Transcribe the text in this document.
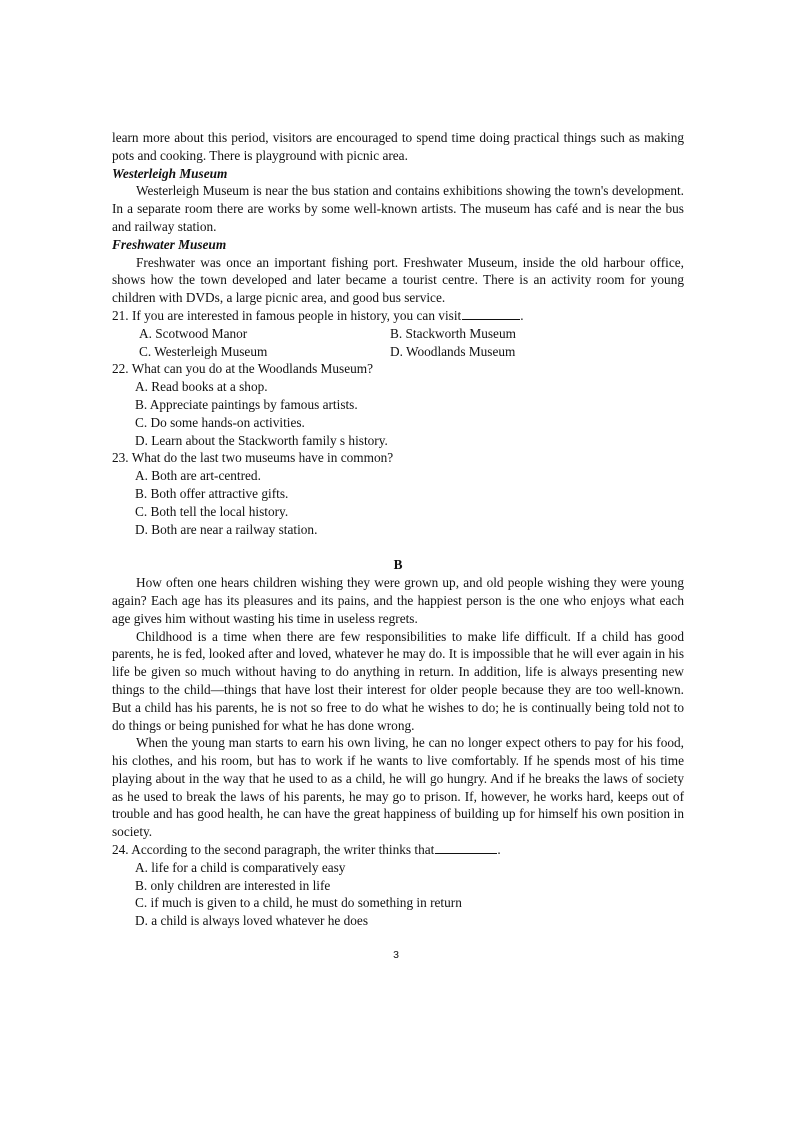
learn more about this period, visitors are encouraged to spend time doing practical things such as making pots and cooking. There is playground with picnic area.

Westerleigh Museum

Westerleigh Museum is near the bus station and contains exhibitions showing the town's development. In a separate room there are works by some well-known artists. The museum has café and is near the bus and railway station.

Freshwater Museum

Freshwater was once an important fishing port. Freshwater Museum, inside the old harbour office, shows how the town developed and later became a tourist centre. There is an activity room for young children with DVDs, a large picnic area, and good bus service.

21. If you are interested in famous people in history, you can visit	.

A. Scotwood Manor	B. Stackworth Museum
C. Westerleigh Museum	D. Woodlands Museum

22. What can you do at the Woodlands Museum?

A. Read books at a shop.

B. Appreciate paintings by famous artists.

C. Do some hands-on activities.

D. Learn about the Stackworth family s history.

23. What do the last two museums have in common?

A. Both are art-centred.

B. Both offer attractive gifts.

C. Both tell the local history.

D. Both are near a railway station.

B

How often one hears children wishing they were grown up, and old people wishing they were young again? Each age has its pleasures and its pains, and the happiest person is the one who enjoys what each age gives him without wasting his time in useless regrets.

Childhood is a time when there are few responsibilities to make life difficult. If a child has good parents, he is fed, looked after and loved, whatever he may do. It is impossible that he will ever again in his life be given so much without having to do anything in return. In addition, life is always presenting new things to the child—things that have lost their interest for older people because they are too well-known. But a child has his parents, he is not so free to do what he wishes to do; he is continually being told not to do things or being punished for what he has done wrong.

When the young man starts to earn his own living, he can no longer expect others to pay for his food, his clothes, and his room, but has to work if he wants to live comfortably. If he spends most of his time playing about in the way that he used to as a child, he will go hungry. And if he breaks the laws of society as he used to break the laws of his parents, he may go to prison. If, however, he works hard, keeps out of trouble and has good health, he can have the great happiness of building up for himself his own position in society.

24. According to the second paragraph, the writer thinks that	.

A. life for a child is comparatively easy

B. only children are interested in life

C. if much is given to a child, he must do something in return

D. a child is always loved whatever he does

3
